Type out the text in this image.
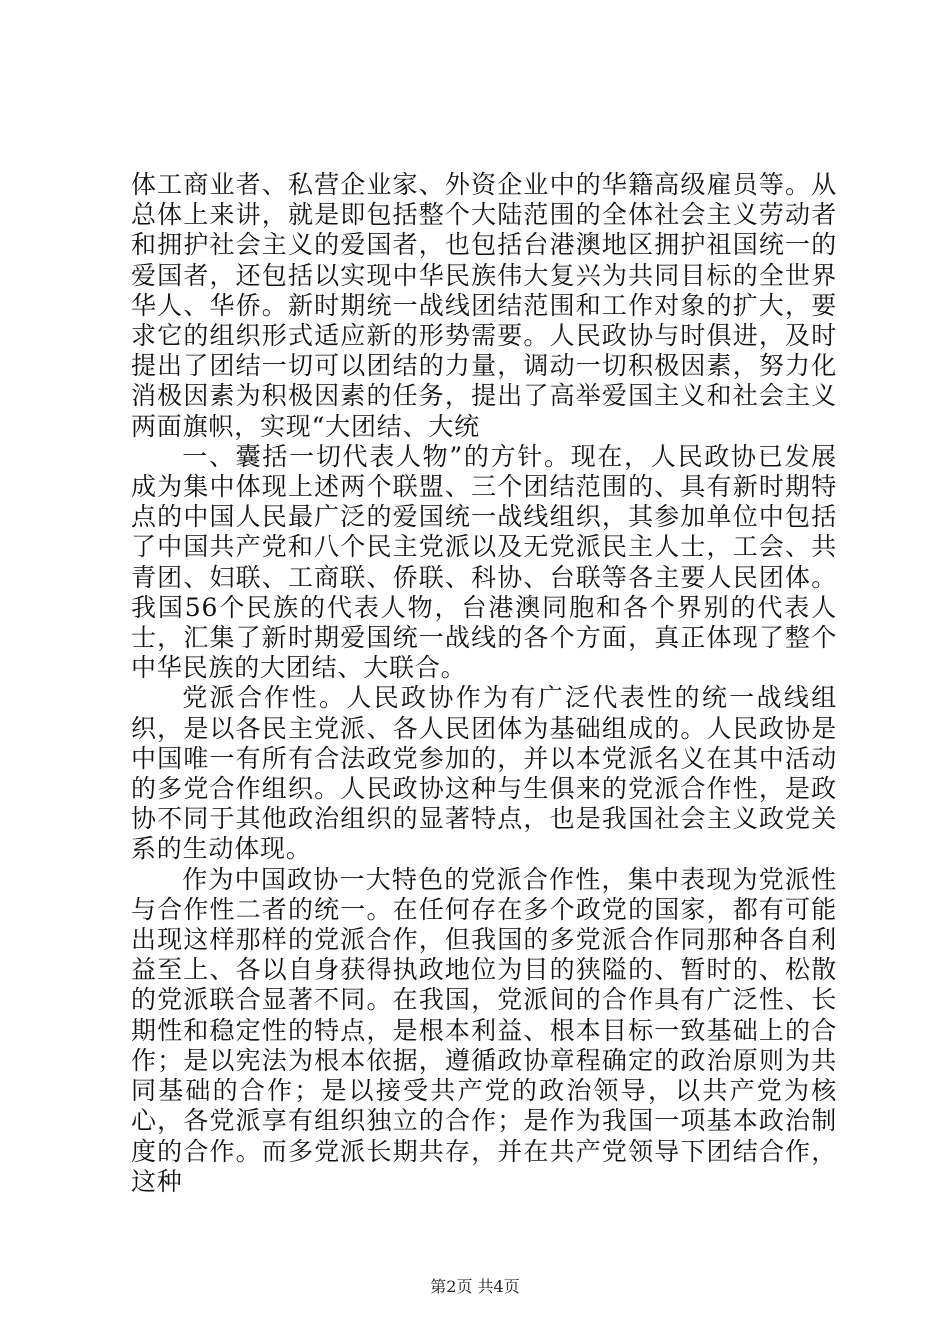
体工商业者、私营企业家、外资企业中的华籍高级雇员等。从总体上来讲，就是即包括整个大陆范围的全体社会主义劳动者和拥护社会主义的爱国者，也包括台港澳地区拥护祖国统一的爱国者，还包括以实现中华民族伟大复兴为共同目标的全世界华人、华侨。新时期统一战线团结范围和工作对象的扩大，要求它的组织形式适应新的形势需要。人民政协与时俱进，及时提出了团结一切可以团结的力量，调动一切积极因素，努力化消极因素为积极因素的任务，提出了高举爱国主义和社会主义两面旗帜，实现“大团结、大统

一、囊括一切代表人物”的方针。现在，人民政协已发展成为集中体现上述两个联盟、三个团结范围的、具有新时期特点的中国人民最广泛的爱国统一战线组织，其参加单位中包括了中国共产党和八个民主党派以及无党派民主人士，工会、共青团、妇联、工商联、侨联、科协、台联等各主要人民团体。我国56个民族的代表人物，台港澳同胞和各个界别的代表人士，汇集了新时期爱国统一战线的各个方面，真正体现了整个中华民族的大团结、大联合。

党派合作性。人民政协作为有广泛代表性的统一战线组织，是以各民主党派、各人民团体为基础组成的。人民政协是中国唯一有所有合法政党参加的，并以本党派名义在其中活动的多党合作组织。人民政协这种与生俱来的党派合作性，是政协不同于其他政治组织的显著特点，也是我国社会主义政党关系的生动体现。

作为中国政协一大特色的党派合作性，集中表现为党派性与合作性二者的统一。在任何存在多个政党的国家，都有可能出现这样那样的党派合作，但我国的多党派合作同那种各自利益至上、各以自身获得执政地位为目的狭隘的、暂时的、松散的党派联合显著不同。在我国，党派间的合作具有广泛性、长期性和稳定性的特点，是根本利益、根本目标一致基础上的合作；是以宪法为根本依据，遵循政协章程确定的政治原则为共同基础的合作；是以接受共产党的政治领导，以共产党为核心，各党派享有组织独立的合作；是作为我国一项基本政治制度的合作。而多党派长期共存，并在共产党领导下团结合作，这种

第2页 共4页
